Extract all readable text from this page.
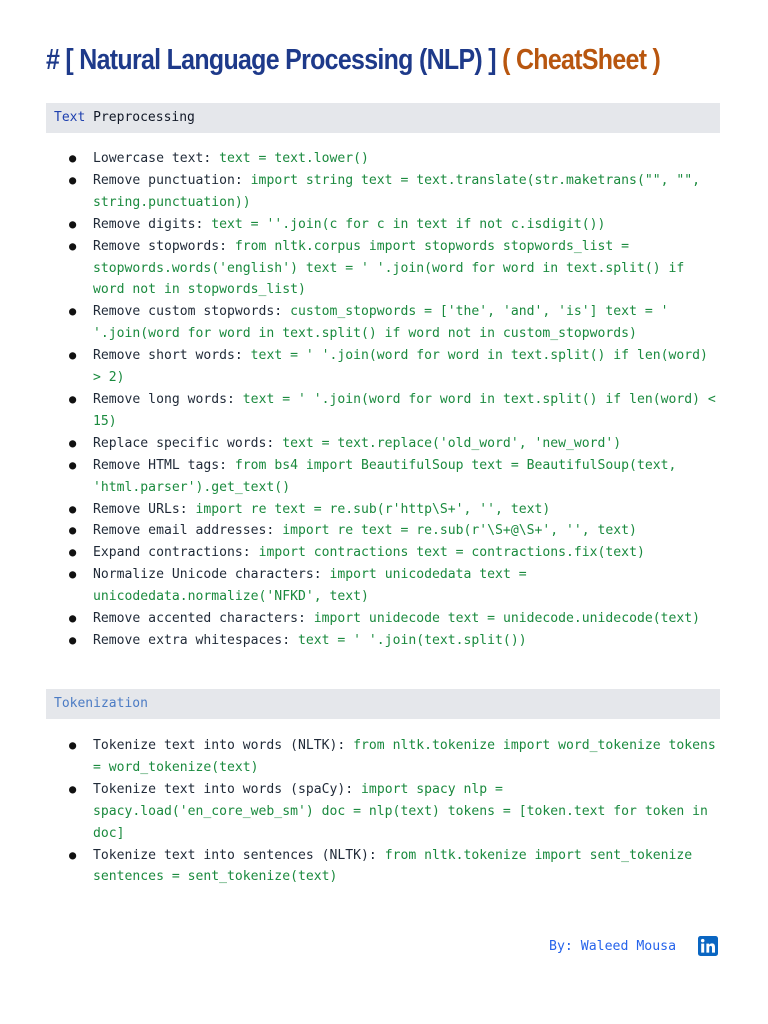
# [ Natural Language Processing (NLP) ] ( CheatSheet )
Text Preprocessing
● Lowercase text: text = text.lower()
● Remove punctuation: import string text = text.translate(str.maketrans("", "", string.punctuation))
● Remove digits: text = ''.join(c for c in text if not c.isdigit())
● Remove stopwords: from nltk.corpus import stopwords stopwords_list = stopwords.words('english') text = ' '.join(word for word in text.split() if word not in stopwords_list)
● Remove custom stopwords: custom_stopwords = ['the', 'and', 'is'] text = ' '.join(word for word in text.split() if word not in custom_stopwords)
● Remove short words: text = ' '.join(word for word in text.split() if len(word) > 2)
● Remove long words: text = ' '.join(word for word in text.split() if len(word) < 15)
● Replace specific words: text = text.replace('old_word', 'new_word')
● Remove HTML tags: from bs4 import BeautifulSoup text = BeautifulSoup(text, 'html.parser').get_text()
● Remove URLs: import re text = re.sub(r'http\S+', '', text)
● Remove email addresses: import re text = re.sub(r'\S+@\S+', '', text)
● Expand contractions: import contractions text = contractions.fix(text)
● Normalize Unicode characters: import unicodedata text = unicodedata.normalize('NFKD', text)
● Remove accented characters: import unidecode text = unidecode.unidecode(text)
● Remove extra whitespaces: text = ' '.join(text.split())
Tokenization
● Tokenize text into words (NLTK): from nltk.tokenize import word_tokenize tokens = word_tokenize(text)
● Tokenize text into words (spaCy): import spacy nlp = spacy.load('en_core_web_sm') doc = nlp(text) tokens = [token.text for token in doc]
● Tokenize text into sentences (NLTK): from nltk.tokenize import sent_tokenize sentences = sent_tokenize(text)
By: Waleed Mousa
